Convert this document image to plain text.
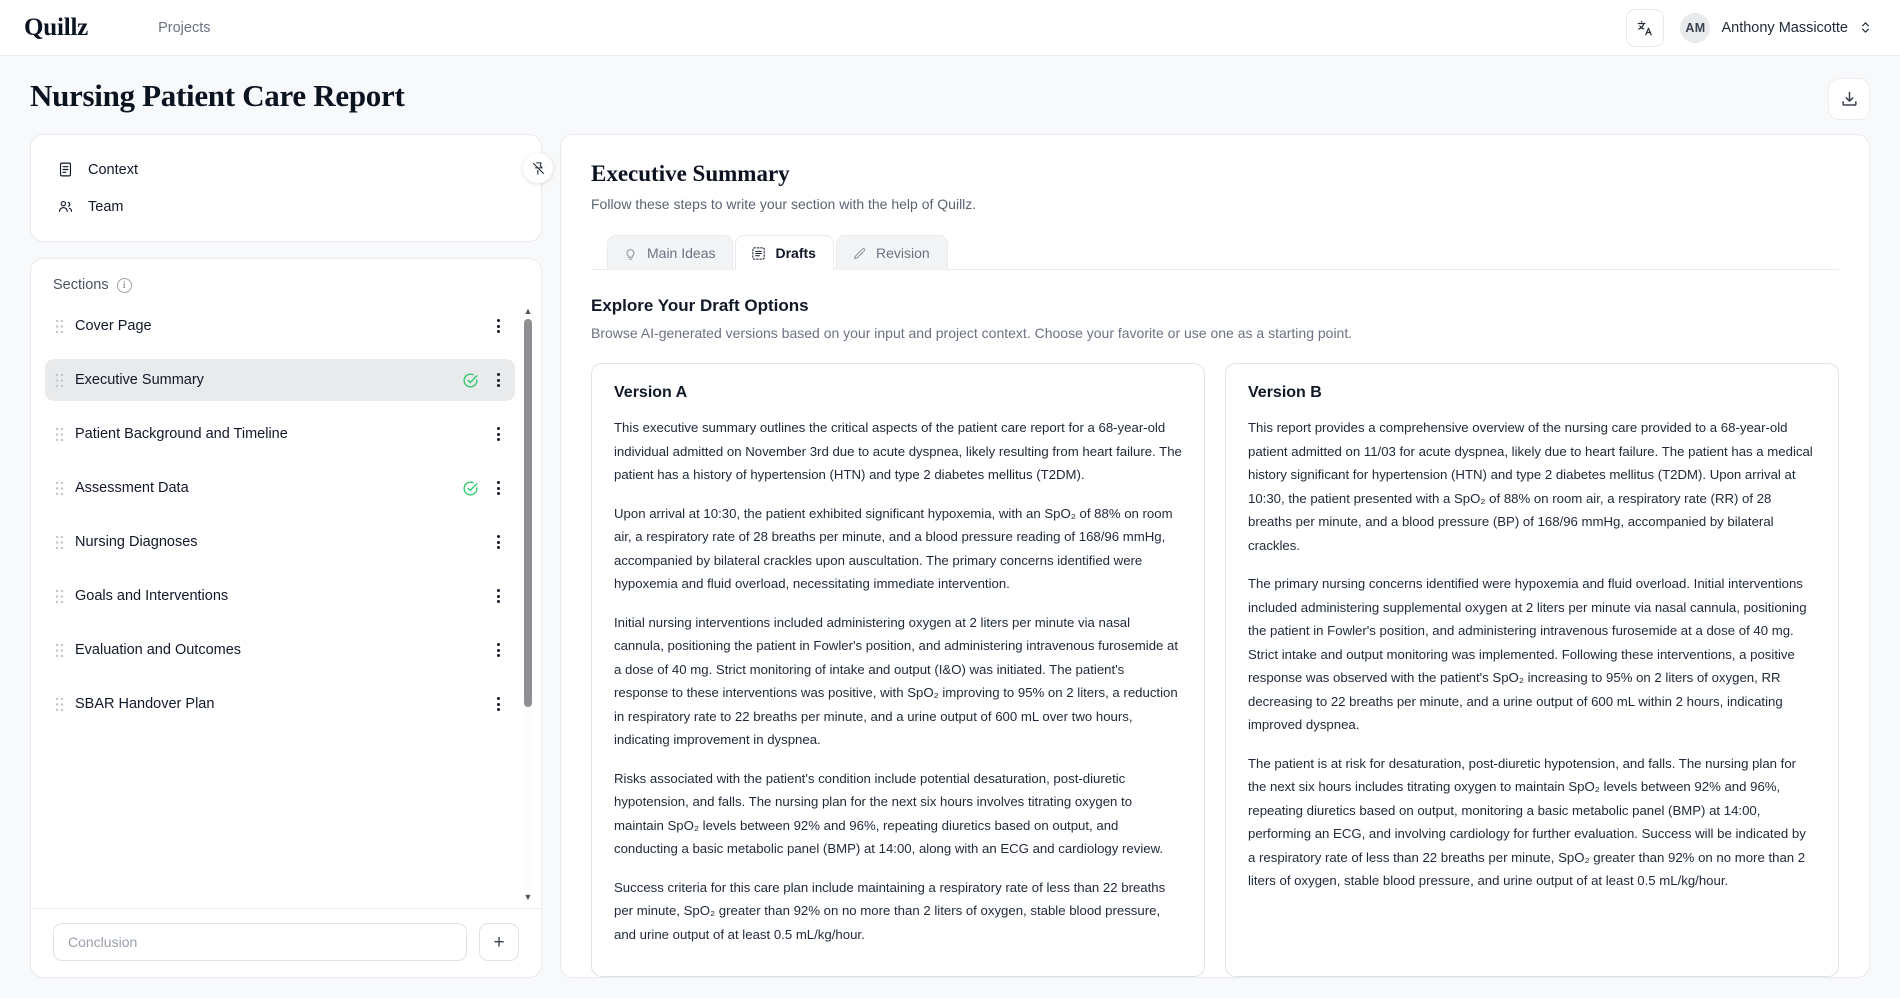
Quillz	Projects	AM	Anthony Massicotte
Nursing Patient Care Report
Context
Team
Sections	i
Cover Page
Executive Summary
Patient Background and Timeline
Assessment Data
Nursing Diagnoses
Goals and Interventions
Evaluation and Outcomes
SBAR Handover Plan
▲
▼
Conclusion
+
Executive Summary
Follow these steps to write your section with the help of Quillz.
Main Ideas	Drafts	Revision
Explore Your Draft Options
Browse AI-generated versions based on your input and project context. Choose your favorite or use one as a starting point.
Version A

This executive summary outlines the critical aspects of the patient care report for a 68-year-old individual admitted on November 3rd due to acute dyspnea, likely resulting from heart failure. The patient has a history of hypertension (HTN) and type 2 diabetes mellitus (T2DM).

Upon arrival at 10:30, the patient exhibited significant hypoxemia, with an SpO₂ of 88% on room air, a respiratory rate of 28 breaths per minute, and a blood pressure reading of 168/96 mmHg, accompanied by bilateral crackles upon auscultation. The primary concerns identified were hypoxemia and fluid overload, necessitating immediate intervention.

Initial nursing interventions included administering oxygen at 2 liters per minute via nasal cannula, positioning the patient in Fowler's position, and administering intravenous furosemide at a dose of 40 mg. Strict monitoring of intake and output (I&O) was initiated. The patient's response to these interventions was positive, with SpO₂ improving to 95% on 2 liters, a reduction in respiratory rate to 22 breaths per minute, and a urine output of 600 mL over two hours, indicating improvement in dyspnea.

Risks associated with the patient's condition include potential desaturation, post-diuretic hypotension, and falls. The nursing plan for the next six hours involves titrating oxygen to maintain SpO₂ levels between 92% and 96%, repeating diuretics based on output, and conducting a basic metabolic panel (BMP) at 14:00, along with an ECG and cardiology review.

Success criteria for this care plan include maintaining a respiratory rate of less than 22 breaths per minute, SpO₂ greater than 92% on no more than 2 liters of oxygen, stable blood pressure, and urine output of at least 0.5 mL/kg/hour.

Version B

This report provides a comprehensive overview of the nursing care provided to a 68-year-old patient admitted on 11/03 for acute dyspnea, likely due to heart failure. The patient has a medical history significant for hypertension (HTN) and type 2 diabetes mellitus (T2DM). Upon arrival at 10:30, the patient presented with a SpO₂ of 88% on room air, a respiratory rate (RR) of 28 breaths per minute, and a blood pressure (BP) of 168/96 mmHg, accompanied by bilateral crackles.

The primary nursing concerns identified were hypoxemia and fluid overload. Initial interventions included administering supplemental oxygen at 2 liters per minute via nasal cannula, positioning the patient in Fowler's position, and administering intravenous furosemide at a dose of 40 mg. Strict intake and output monitoring was implemented. Following these interventions, a positive response was observed with the patient's SpO₂ increasing to 95% on 2 liters of oxygen, RR decreasing to 22 breaths per minute, and a urine output of 600 mL within 2 hours, indicating improved dyspnea.

The patient is at risk for desaturation, post-diuretic hypotension, and falls. The nursing plan for the next six hours includes titrating oxygen to maintain SpO₂ levels between 92% and 96%, repeating diuretics based on output, monitoring a basic metabolic panel (BMP) at 14:00, performing an ECG, and involving cardiology for further evaluation. Success will be indicated by a respiratory rate of less than 22 breaths per minute, SpO₂ greater than 92% on no more than 2 liters of oxygen, stable blood pressure, and urine output of at least 0.5 mL/kg/hour.
